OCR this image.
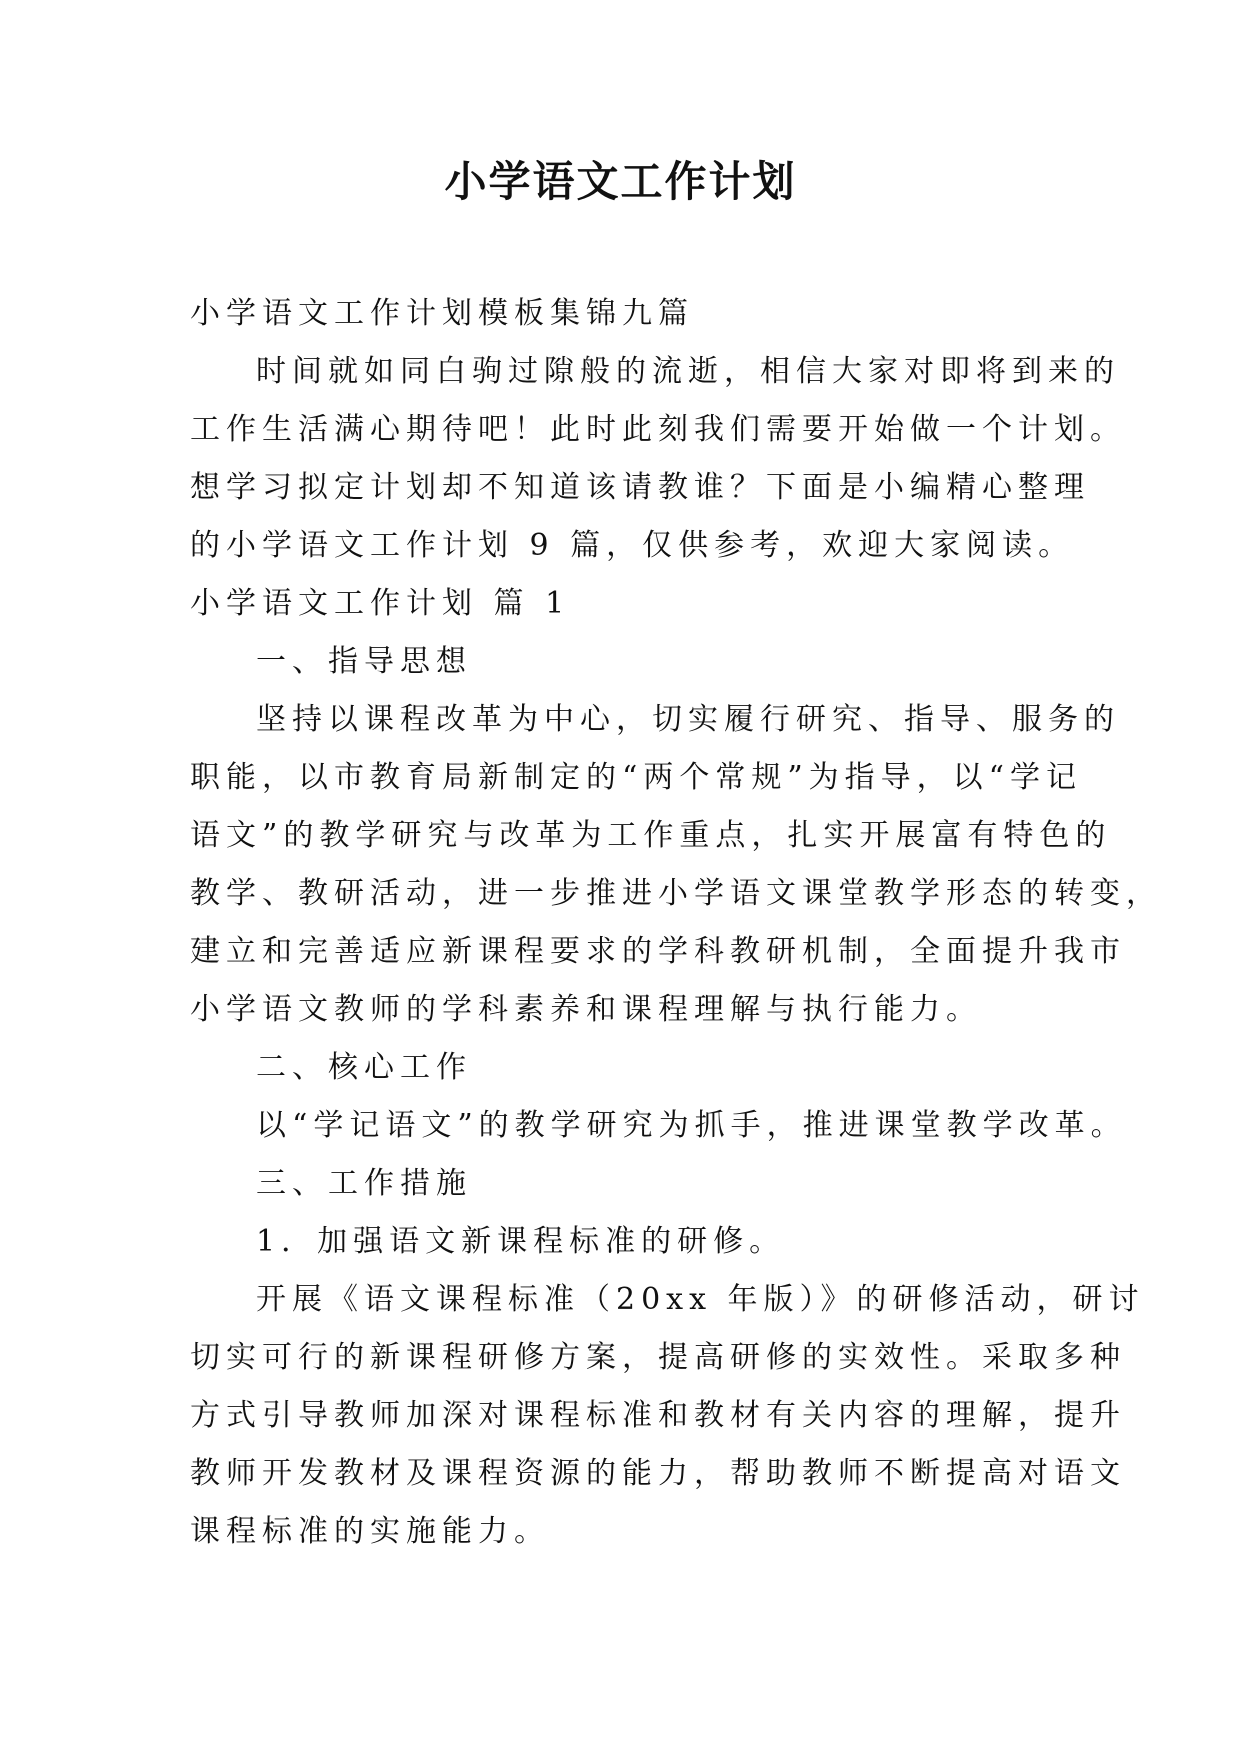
小学语文工作计划
小学语文工作计划模板集锦九篇
时间就如同白驹过隙般的流逝，相信大家对即将到来的
工作生活满心期待吧！此时此刻我们需要开始做一个计划。
想学习拟定计划却不知道该请教谁？下面是小编精心整理
的小学语文工作计划 9 篇，仅供参考，欢迎大家阅读。
小学语文工作计划 篇 1
一、指导思想
坚持以课程改革为中心，切实履行研究、指导、服务的
职能，以市教育局新制定的“两个常规”为指导，以“学记
语文”的教学研究与改革为工作重点，扎实开展富有特色的
教学、教研活动，进一步推进小学语文课堂教学形态的转变，
建立和完善适应新课程要求的学科教研机制，全面提升我市
小学语文教师的学科素养和课程理解与执行能力。
二、核心工作
以“学记语文”的教学研究为抓手，推进课堂教学改革。
三、工作措施
1．加强语文新课程标准的研修。
开展《语文课程标准（20xx 年版）》的研修活动，研讨
切实可行的新课程研修方案，提高研修的实效性。采取多种
方式引导教师加深对课程标准和教材有关内容的理解，提升
教师开发教材及课程资源的能力，帮助教师不断提高对语文
课程标准的实施能力。
